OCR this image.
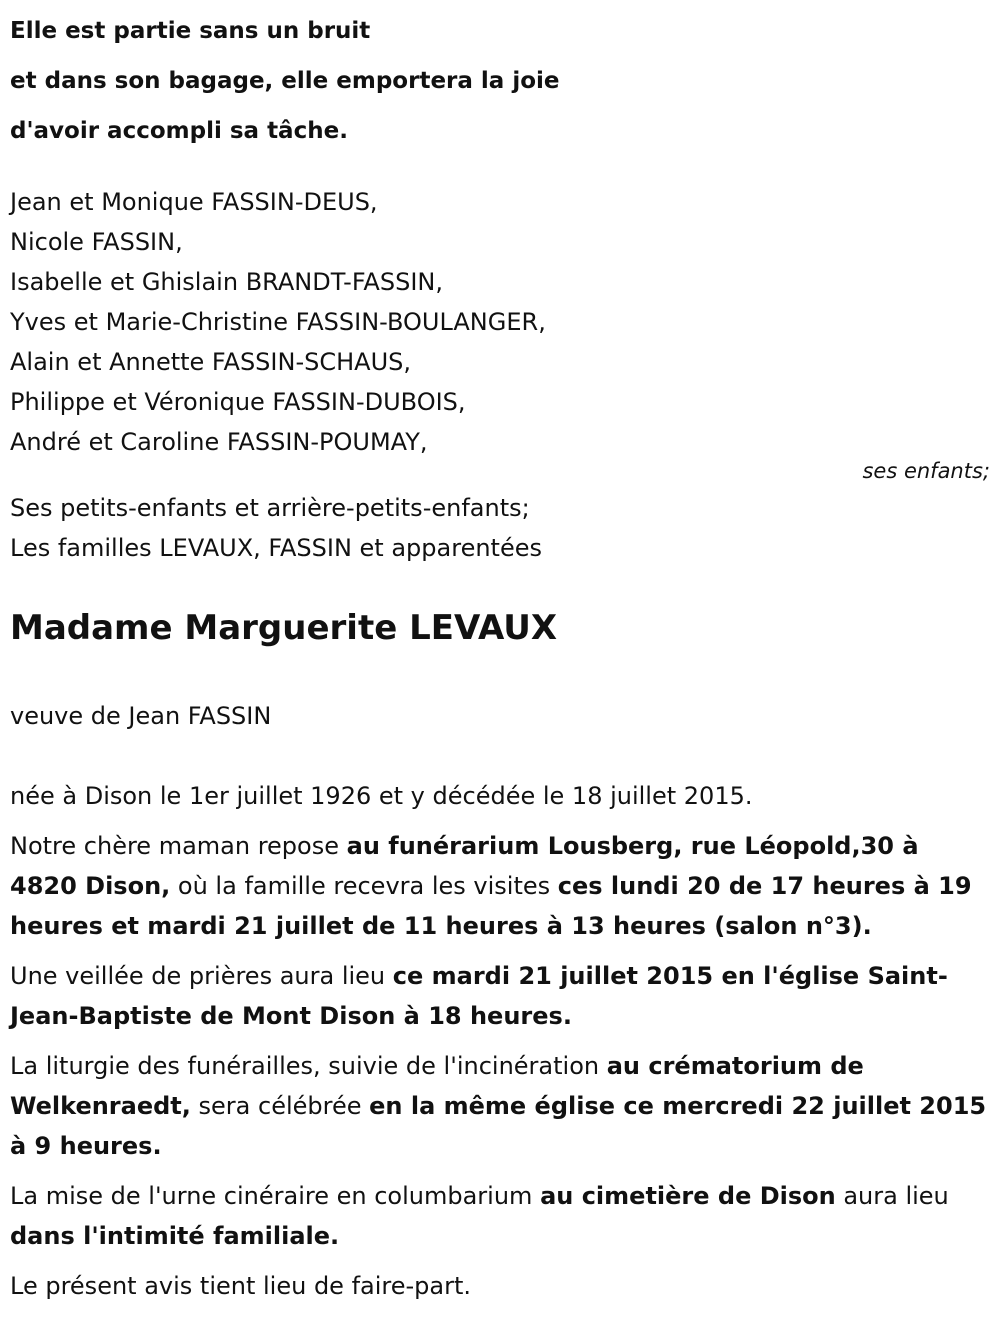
Elle est partie sans un bruit
et dans son bagage, elle emportera la joie
d'avoir accompli sa tâche.
Jean et Monique FASSIN-DEUS,
Nicole FASSIN,
Isabelle et Ghislain BRANDT-FASSIN,
Yves et Marie-Christine FASSIN-BOULANGER,
Alain et Annette FASSIN-SCHAUS,
Philippe et Véronique FASSIN-DUBOIS,
André et Caroline FASSIN-POUMAY,
ses enfants;
Ses petits-enfants et arrière-petits-enfants;
Les familles LEVAUX, FASSIN et apparentées
Madame Marguerite LEVAUX
veuve de Jean FASSIN
née à Dison le 1er juillet 1926 et y décédée le 18 juillet 2015.
Notre chère maman repose au funérarium Lousberg, rue Léopold,30 à 4820 Dison, où la famille recevra les visites ces lundi 20 de 17 heures à 19 heures et mardi 21 juillet de 11 heures à 13 heures (salon n°3).
Une veillée de prières aura lieu ce mardi 21 juillet 2015 en l'église Saint-Jean-Baptiste de Mont Dison à 18 heures.
La liturgie des funérailles, suivie de l'incinération au crématorium de Welkenraedt, sera célébrée en la même église ce mercredi 22 juillet 2015 à 9 heures.
La mise de l'urne cinéraire en columbarium au cimetière de Dison aura lieu dans l'intimité familiale.
Le présent avis tient lieu de faire-part.
